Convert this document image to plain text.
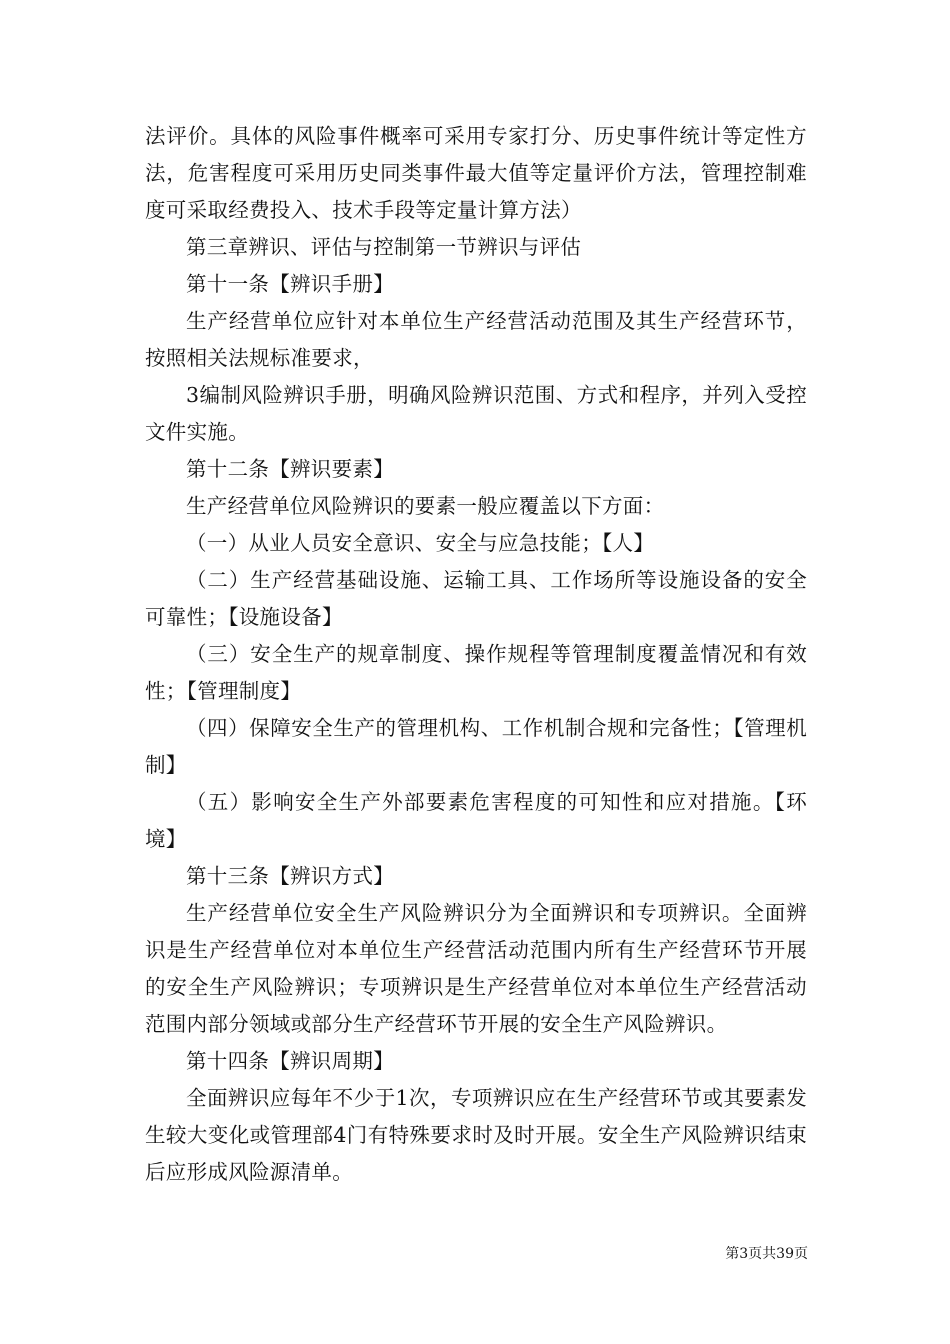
法评价。具体的风险事件概率可采用专家打分、历史事件统计等定性方法，危害程度可采用历史同类事件最大值等定量评价方法，管理控制难度可采取经费投入、技术手段等定量计算方法）

第三章辨识、评估与控制第一节辨识与评估

第十一条【辨识手册】

生产经营单位应针对本单位生产经营活动范围及其生产经营环节，按照相关法规标准要求，

3编制风险辨识手册，明确风险辨识范围、方式和程序，并列入受控文件实施。

第十二条【辨识要素】

生产经营单位风险辨识的要素一般应覆盖以下方面：

（一）从业人员安全意识、安全与应急技能；【人】

（二）生产经营基础设施、运输工具、工作场所等设施设备的安全可靠性；【设施设备】

（三）安全生产的规章制度、操作规程等管理制度覆盖情况和有效性；【管理制度】

（四）保障安全生产的管理机构、工作机制合规和完备性；【管理机制】

（五）影响安全生产外部要素危害程度的可知性和应对措施。【环境】

第十三条【辨识方式】

生产经营单位安全生产风险辨识分为全面辨识和专项辨识。全面辨识是生产经营单位对本单位生产经营活动范围内所有生产经营环节开展的安全生产风险辨识；专项辨识是生产经营单位对本单位生产经营活动范围内部分领域或部分生产经营环节开展的安全生产风险辨识。

第十四条【辨识周期】

全面辨识应每年不少于1次，专项辨识应在生产经营环节或其要素发生较大变化或管理部4门有特殊要求时及时开展。安全生产风险辨识结束后应形成风险源清单。

第3页共39页
